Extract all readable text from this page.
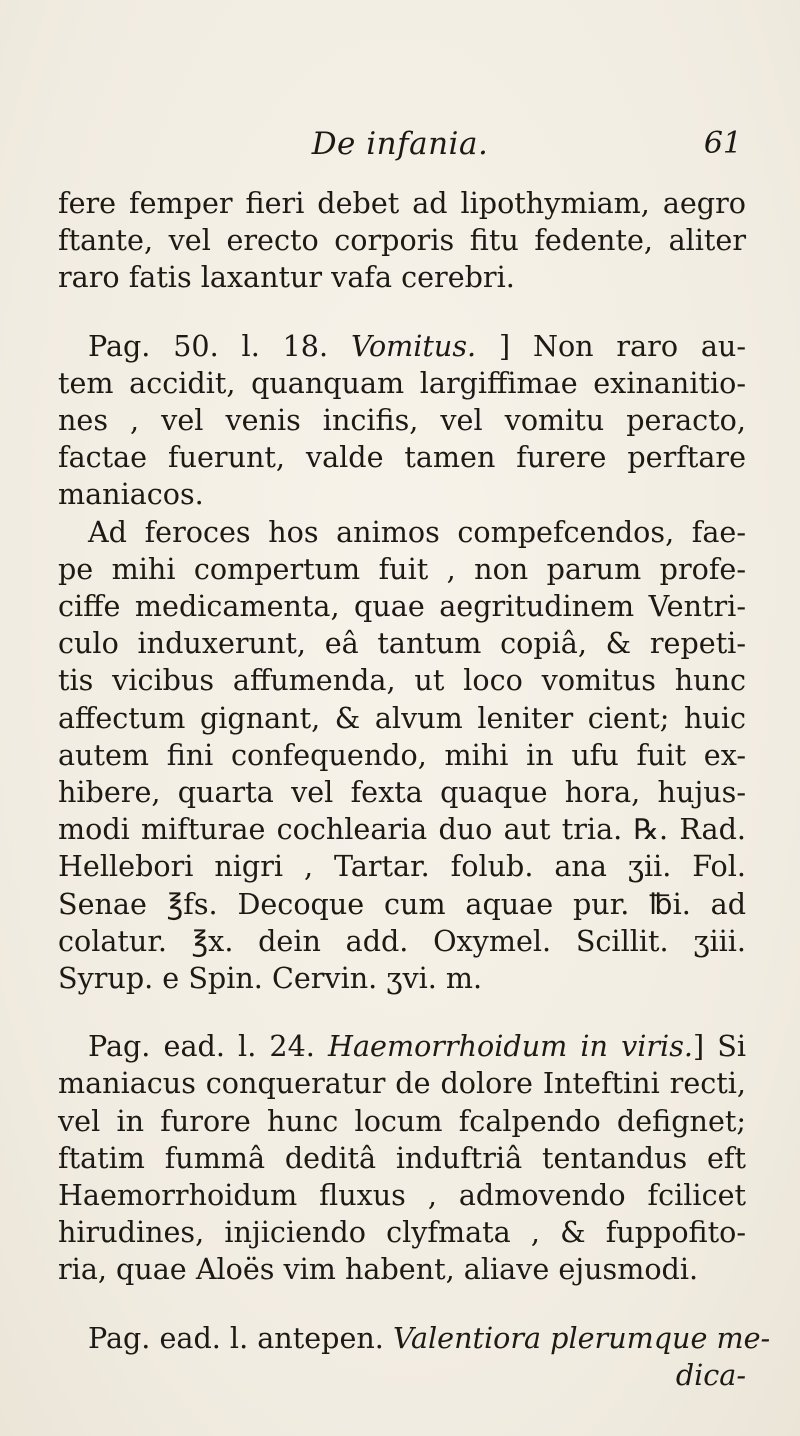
De infania.	61
fere femper fieri debet ad lipothymiam, aegro
ftante, vel erecto corporis fitu fedente, aliter
raro fatis laxantur vafa cerebri.
Pag. 50. l. 18. Vomitus. ] Non raro au-
tem accidit, quanquam largiffimae exinanitio-
nes , vel venis incifis, vel vomitu peracto,
factae fuerunt, valde tamen furere perftare
maniacos.
Ad feroces hos animos compefcendos, fae-
pe mihi compertum fuit , non parum profe-
ciffe medicamenta, quae aegritudinem Ventri-
culo induxerunt, eâ tantum copiâ, & repeti-
tis vicibus affumenda, ut loco vomitus hunc
affectum gignant, & alvum leniter cient; huic
autem fini confequendo, mihi in ufu fuit ex-
hibere, quarta vel fexta quaque hora, hujus-
modi mifturae cochlearia duo aut tria. ℞. Rad.
Hellebori nigri , Tartar. folub. ana ʒii. Fol.
Senae ℥fs. Decoque cum aquae pur. ℔i. ad
colatur. ℥x. dein add. Oxymel. Scillit. ʒiii.
Syrup. e Spin. Cervin. ʒvi. m.
Pag. ead. l. 24. Haemorrhoidum in viris.] Si
maniacus conqueratur de dolore Inteftini recti,
vel in furore hunc locum fcalpendo defignet;
ftatim fummâ deditâ induftriâ tentandus eft
Haemorrhoidum fluxus , admovendo fcilicet
hirudines, injiciendo clyfmata , & fuppofito-
ria, quae Aloës vim habent, aliave ejusmodi.
Pag. ead. l. antepen. Valentiora plerumque me-
dica-
